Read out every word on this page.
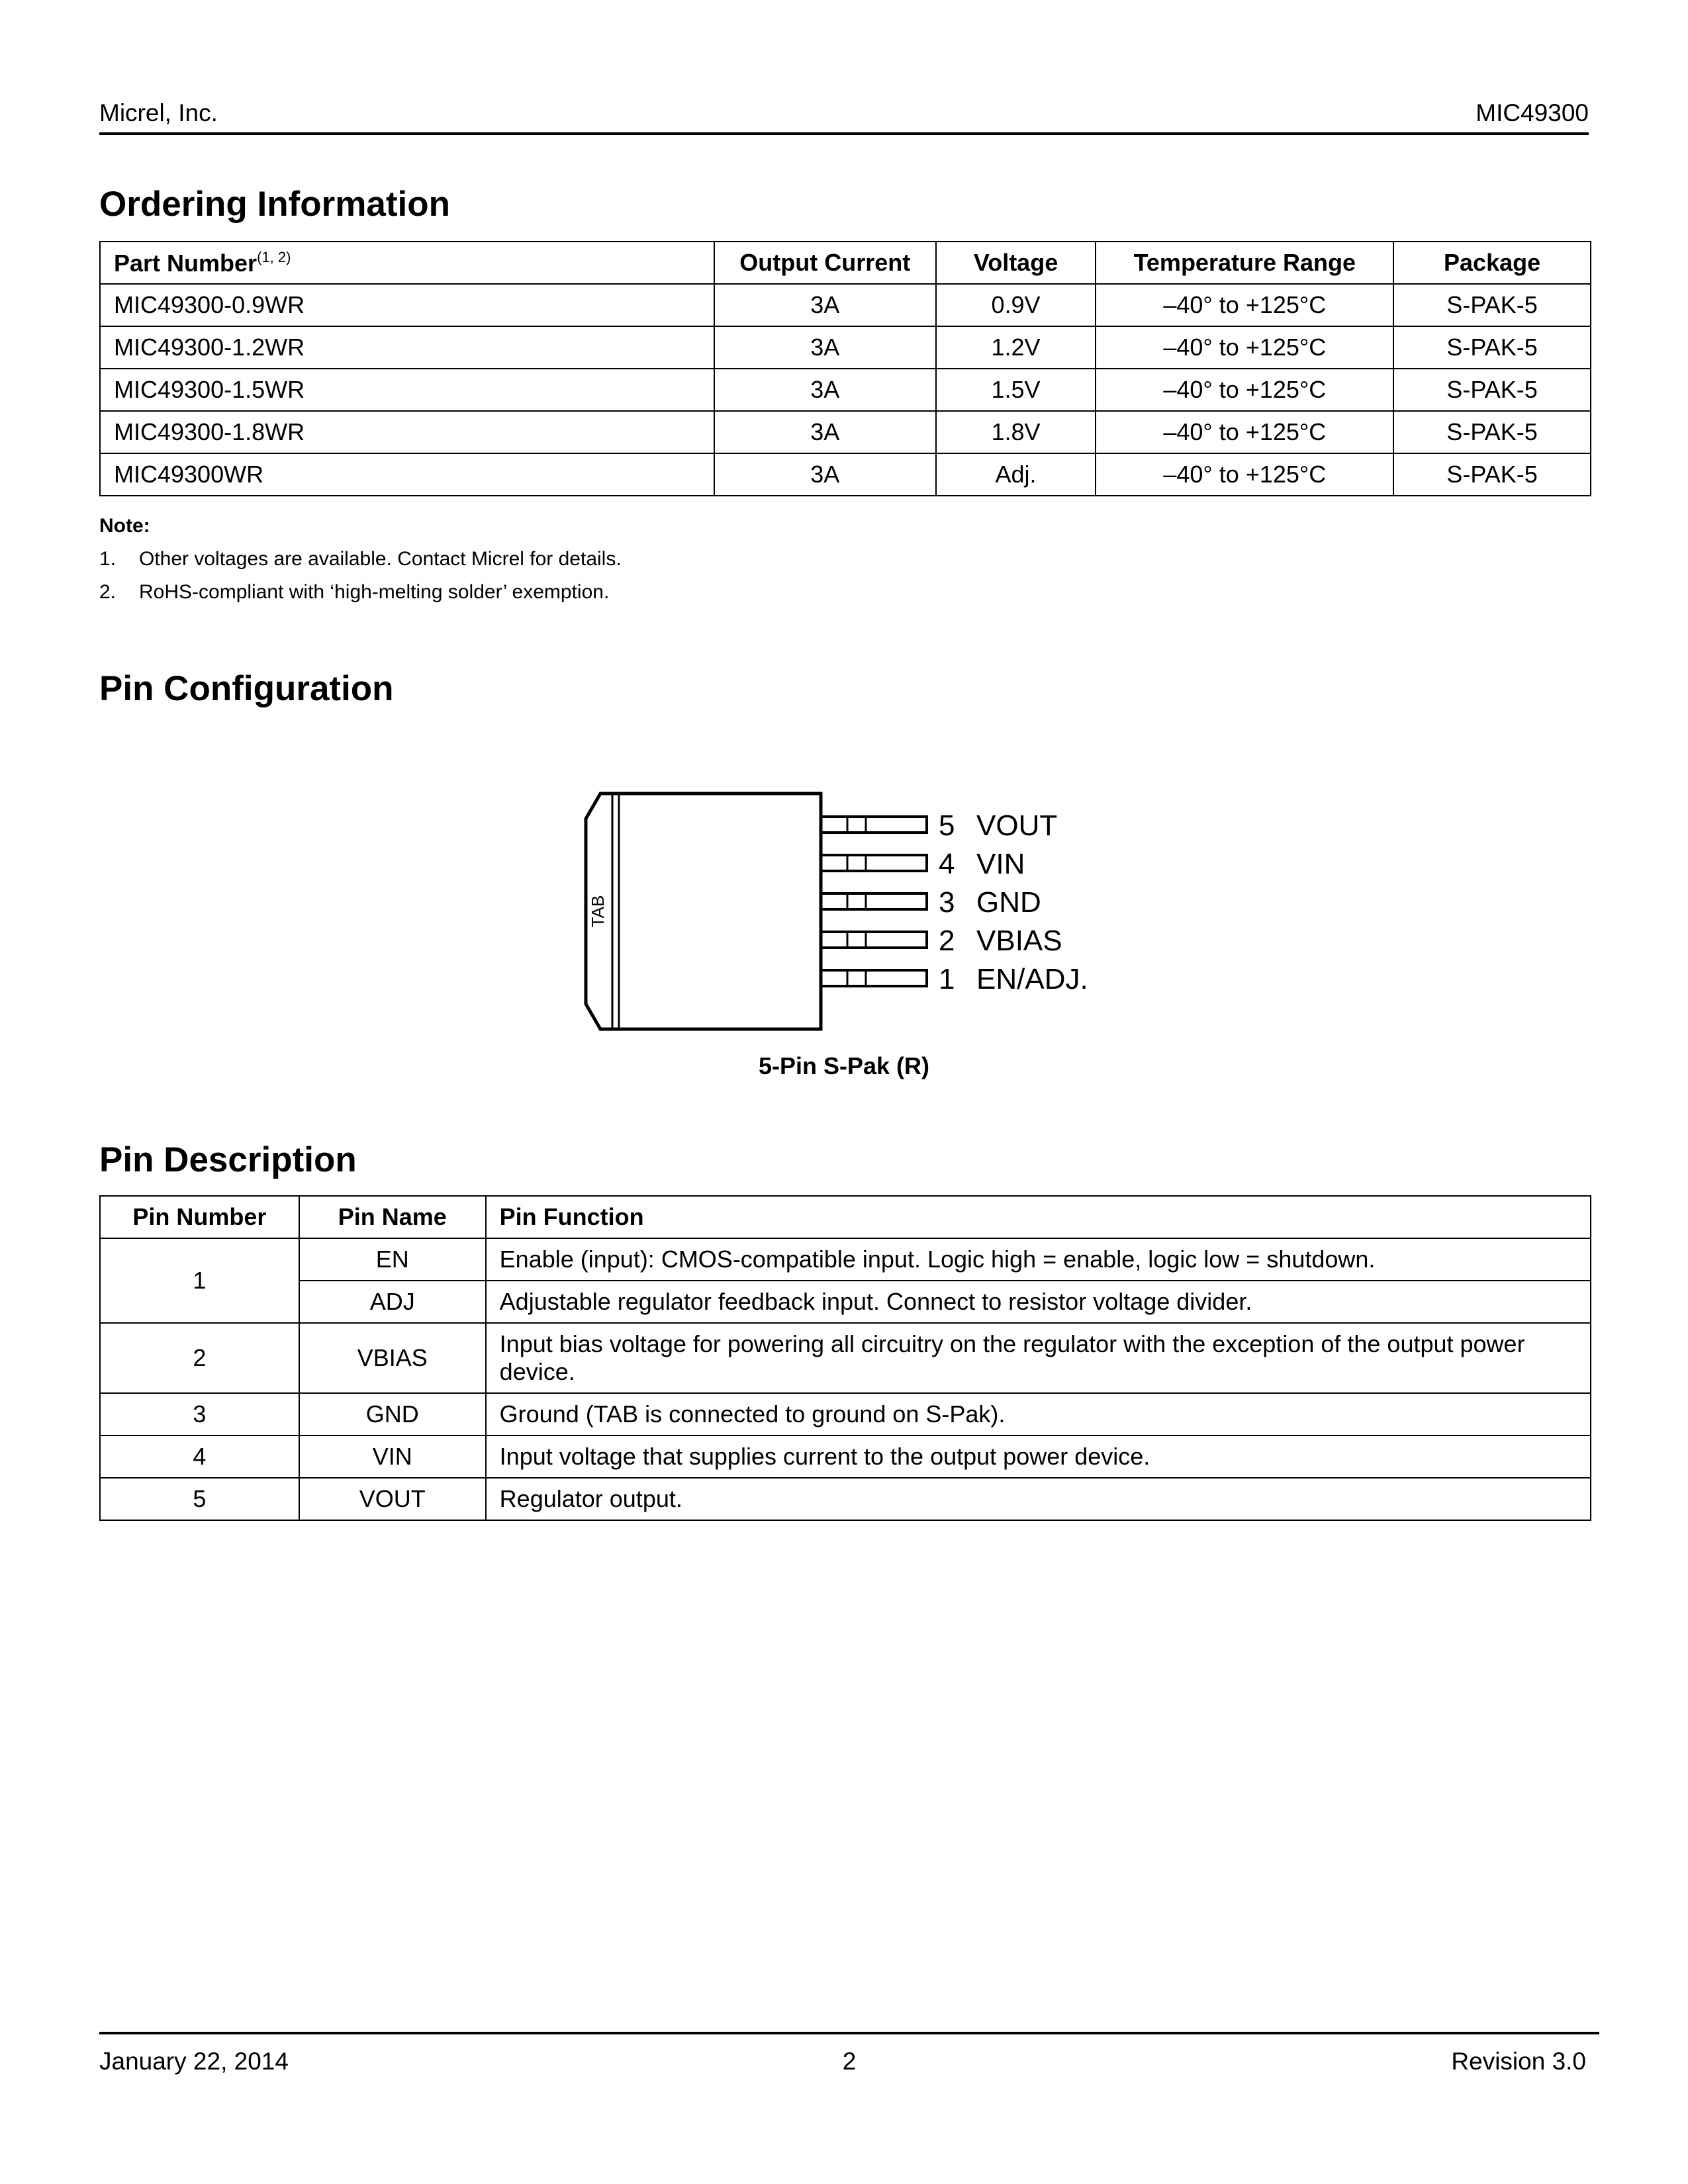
Micrel, Inc.	MIC49300
Ordering Information
Part Number$^{(1, 2)}$	Output Current	Voltage	Temperature Range	Package
MIC49300-0.9WR	3A	0.9V	–40° to +125°C	S-PAK-5
MIC49300-1.2WR	3A	1.2V	–40° to +125°C	S-PAK-5
MIC49300-1.5WR	3A	1.5V	–40° to +125°C	S-PAK-5
MIC49300-1.8WR	3A	1.8V	–40° to +125°C	S-PAK-5
MIC49300WR	3A	Adj.	–40° to +125°C	S-PAK-5
Note:
1. Other voltages are available. Contact Micrel for details.
2. RoHS-compliant with ‘high-melting solder’ exemption.
Pin Configuration
TAB
5 VOUT
4 VIN
3 GND
2 VBIAS
1 EN/ADJ.
5-Pin S-Pak (R)
Pin Description
Pin Number	Pin Name	Pin Function
1	EN	Enable (input): CMOS-compatible input. Logic high = enable, logic low = shutdown.
	ADJ	Adjustable regulator feedback input. Connect to resistor voltage divider.
2	VBIAS	Input bias voltage for powering all circuitry on the regulator with the exception of the output power device.
3	GND	Ground (TAB is connected to ground on S-Pak).
4	VIN	Input voltage that supplies current to the output power device.
5	VOUT	Regulator output.
January 22, 2014	2	Revision 3.0
